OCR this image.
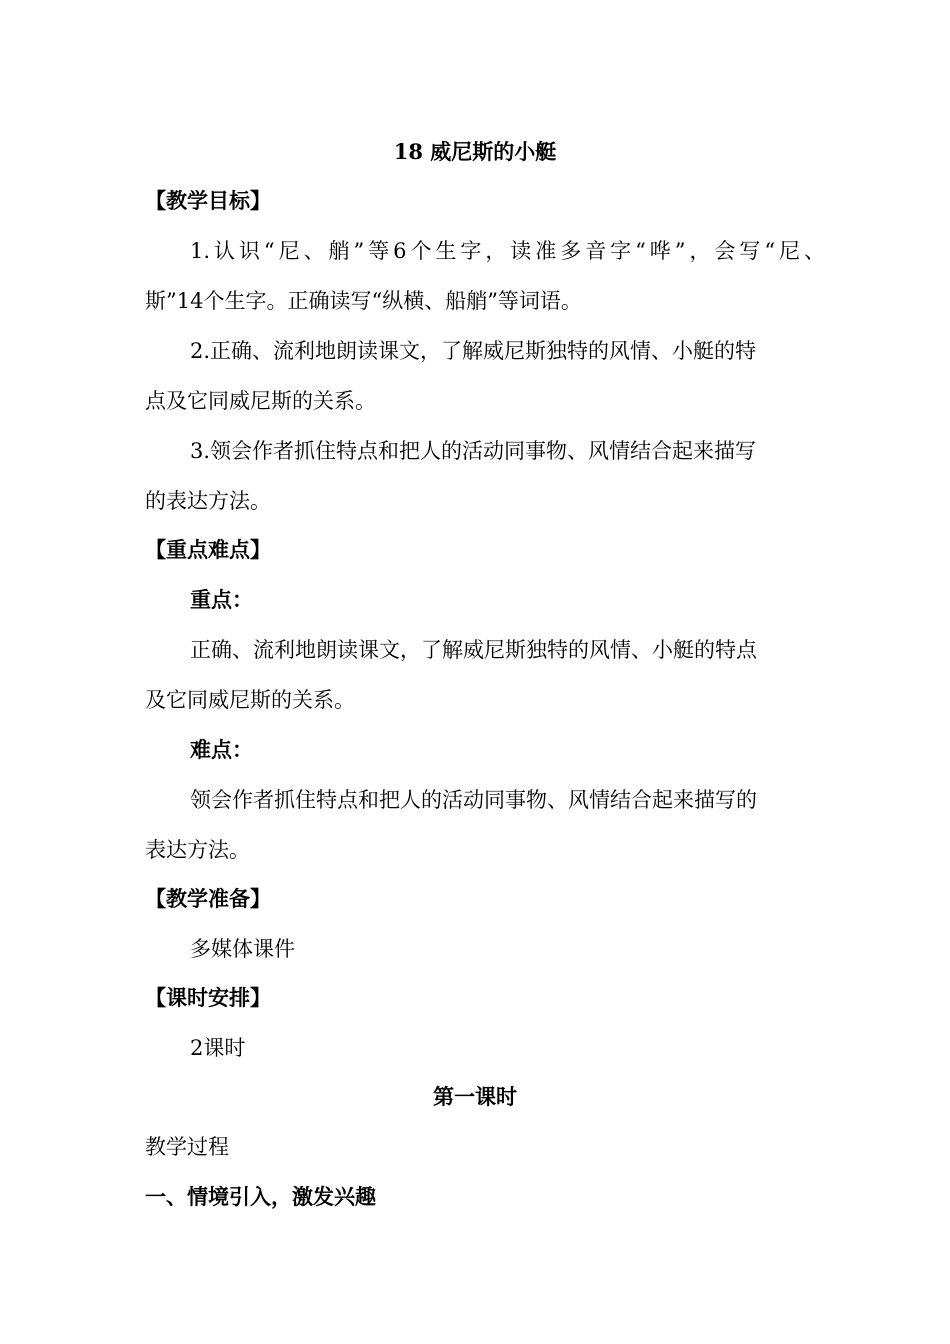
18 威尼斯的小艇
【教学目标】
1.认识“尼、艄”等6个生字，读准多音字“哗”，会写“尼、
斯”14个生字。正确读写“纵横、船艄”等词语。
2.正确、流利地朗读课文，了解威尼斯独特的风情、小艇的特
点及它同威尼斯的关系。
3.领会作者抓住特点和把人的活动同事物、风情结合起来描写
的表达方法。
【重点难点】
重点：
正确、流利地朗读课文，了解威尼斯独特的风情、小艇的特点
及它同威尼斯的关系。
难点：
领会作者抓住特点和把人的活动同事物、风情结合起来描写的
表达方法。
【教学准备】
多媒体课件
【课时安排】
2课时
第一课时
教学过程
一、情境引入，激发兴趣
